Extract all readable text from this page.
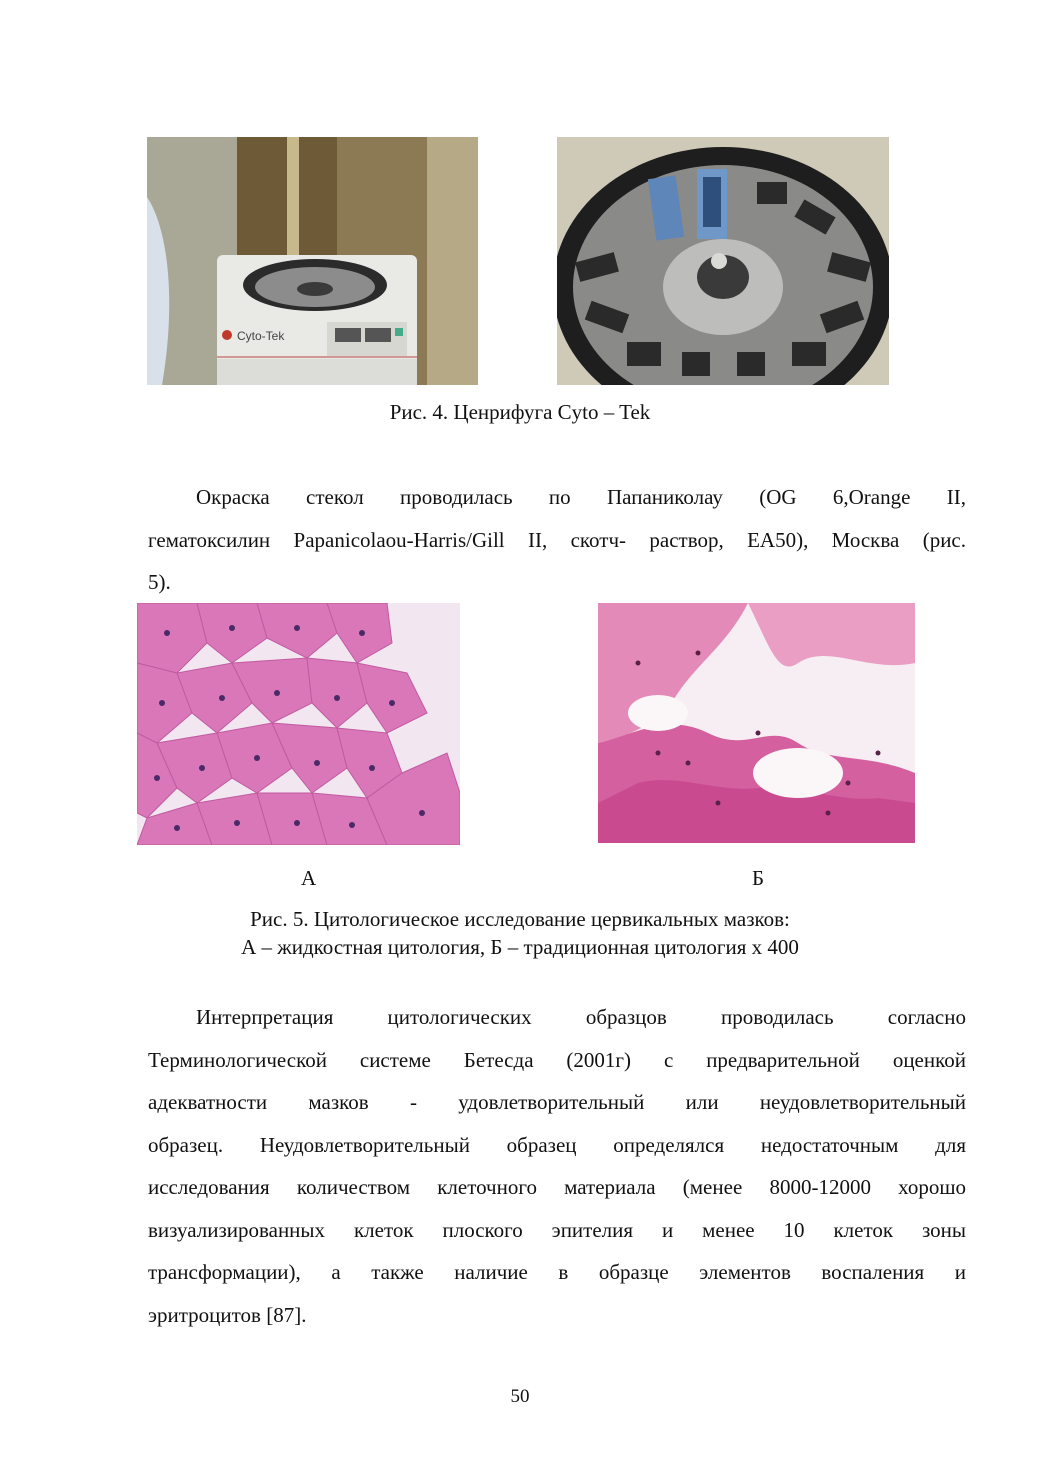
Cyto-Tek
Рис. 4. Ценрифуга Cyto – Tek
Окраска стекол проводилась по Папаниколау (OG 6,Orange II,
гематоксилин Papanicolaou-Harris/Gill II, скотч- раствор, EA50), Москва (рис.
5).
А	Б
Рис. 5. Цитологическое исследование цервикальных мазков:
А – жидкостная цитология, Б – традиционная цитология х 400
Интерпретация цитологических образцов проводилась согласно
Терминологической системе Бетесда (2001г) с предварительной оценкой
адекватности мазков - удовлетворительный или неудовлетворительный
образец. Неудовлетворительный образец определялся недостаточным для
исследования количеством клеточного материала (менее 8000-12000 хорошо
визуализированных клеток плоского эпителия и менее 10 клеток зоны
трансформации), а также наличие в образце элементов воспаления и
эритроцитов [87].
50
